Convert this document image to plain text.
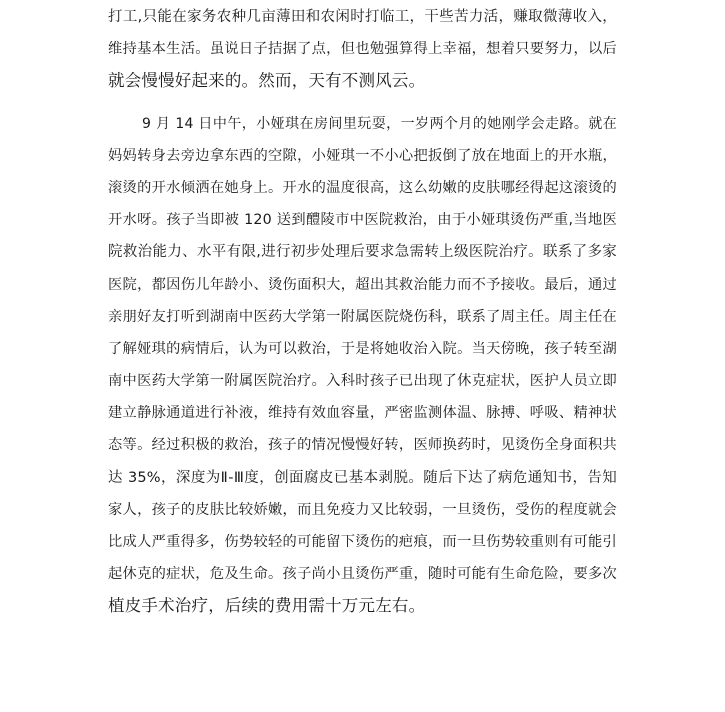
打工,只能在家务农种几亩薄田和农闲时打临工，干些苦力活，赚取微薄收入，
维持基本生活。虽说日子拮据了点，但也勉强算得上幸福，想着只要努力，以后
就会慢慢好起来的。然而，天有不测风云。
9 月 14 日中午，小娅琪在房间里玩耍，一岁两个月的她刚学会走路。就在
妈妈转身去旁边拿东西的空隙，小娅琪一不小心把扳倒了放在地面上的开水瓶，
滚烫的开水倾洒在她身上。开水的温度很高，这么幼嫩的皮肤哪经得起这滚烫的
开水呀。孩子当即被 120 送到醴陵市中医院救治，由于小娅琪烫伤严重,当地医
院救治能力、水平有限,进行初步处理后要求急需转上级医院治疗。联系了多家
医院，都因伤儿年龄小、烫伤面积大，超出其救治能力而不予接收。最后，通过
亲朋好友打听到湖南中医药大学第一附属医院烧伤科，联系了周主任。周主任在
了解娅琪的病情后，认为可以救治，于是将她收治入院。当天傍晚，孩子转至湖
南中医药大学第一附属医院治疗。入科时孩子已出现了休克症状，医护人员立即
建立静脉通道进行补液，维持有效血容量，严密监测体温、脉搏、呼吸、精神状
态等。经过积极的救治，孩子的情况慢慢好转，医师换药时，见烫伤全身面积共
达 35%，深度为Ⅱ-Ⅲ度，创面腐皮已基本剥脱。随后下达了病危通知书，告知
家人，孩子的皮肤比较娇嫩，而且免疫力又比较弱，一旦烫伤，受伤的程度就会
比成人严重得多，伤势较轻的可能留下烫伤的疤痕，而一旦伤势较重则有可能引
起休克的症状，危及生命。孩子尚小且烫伤严重，随时可能有生命危险，要多次
植皮手术治疗，后续的费用需十万元左右。
